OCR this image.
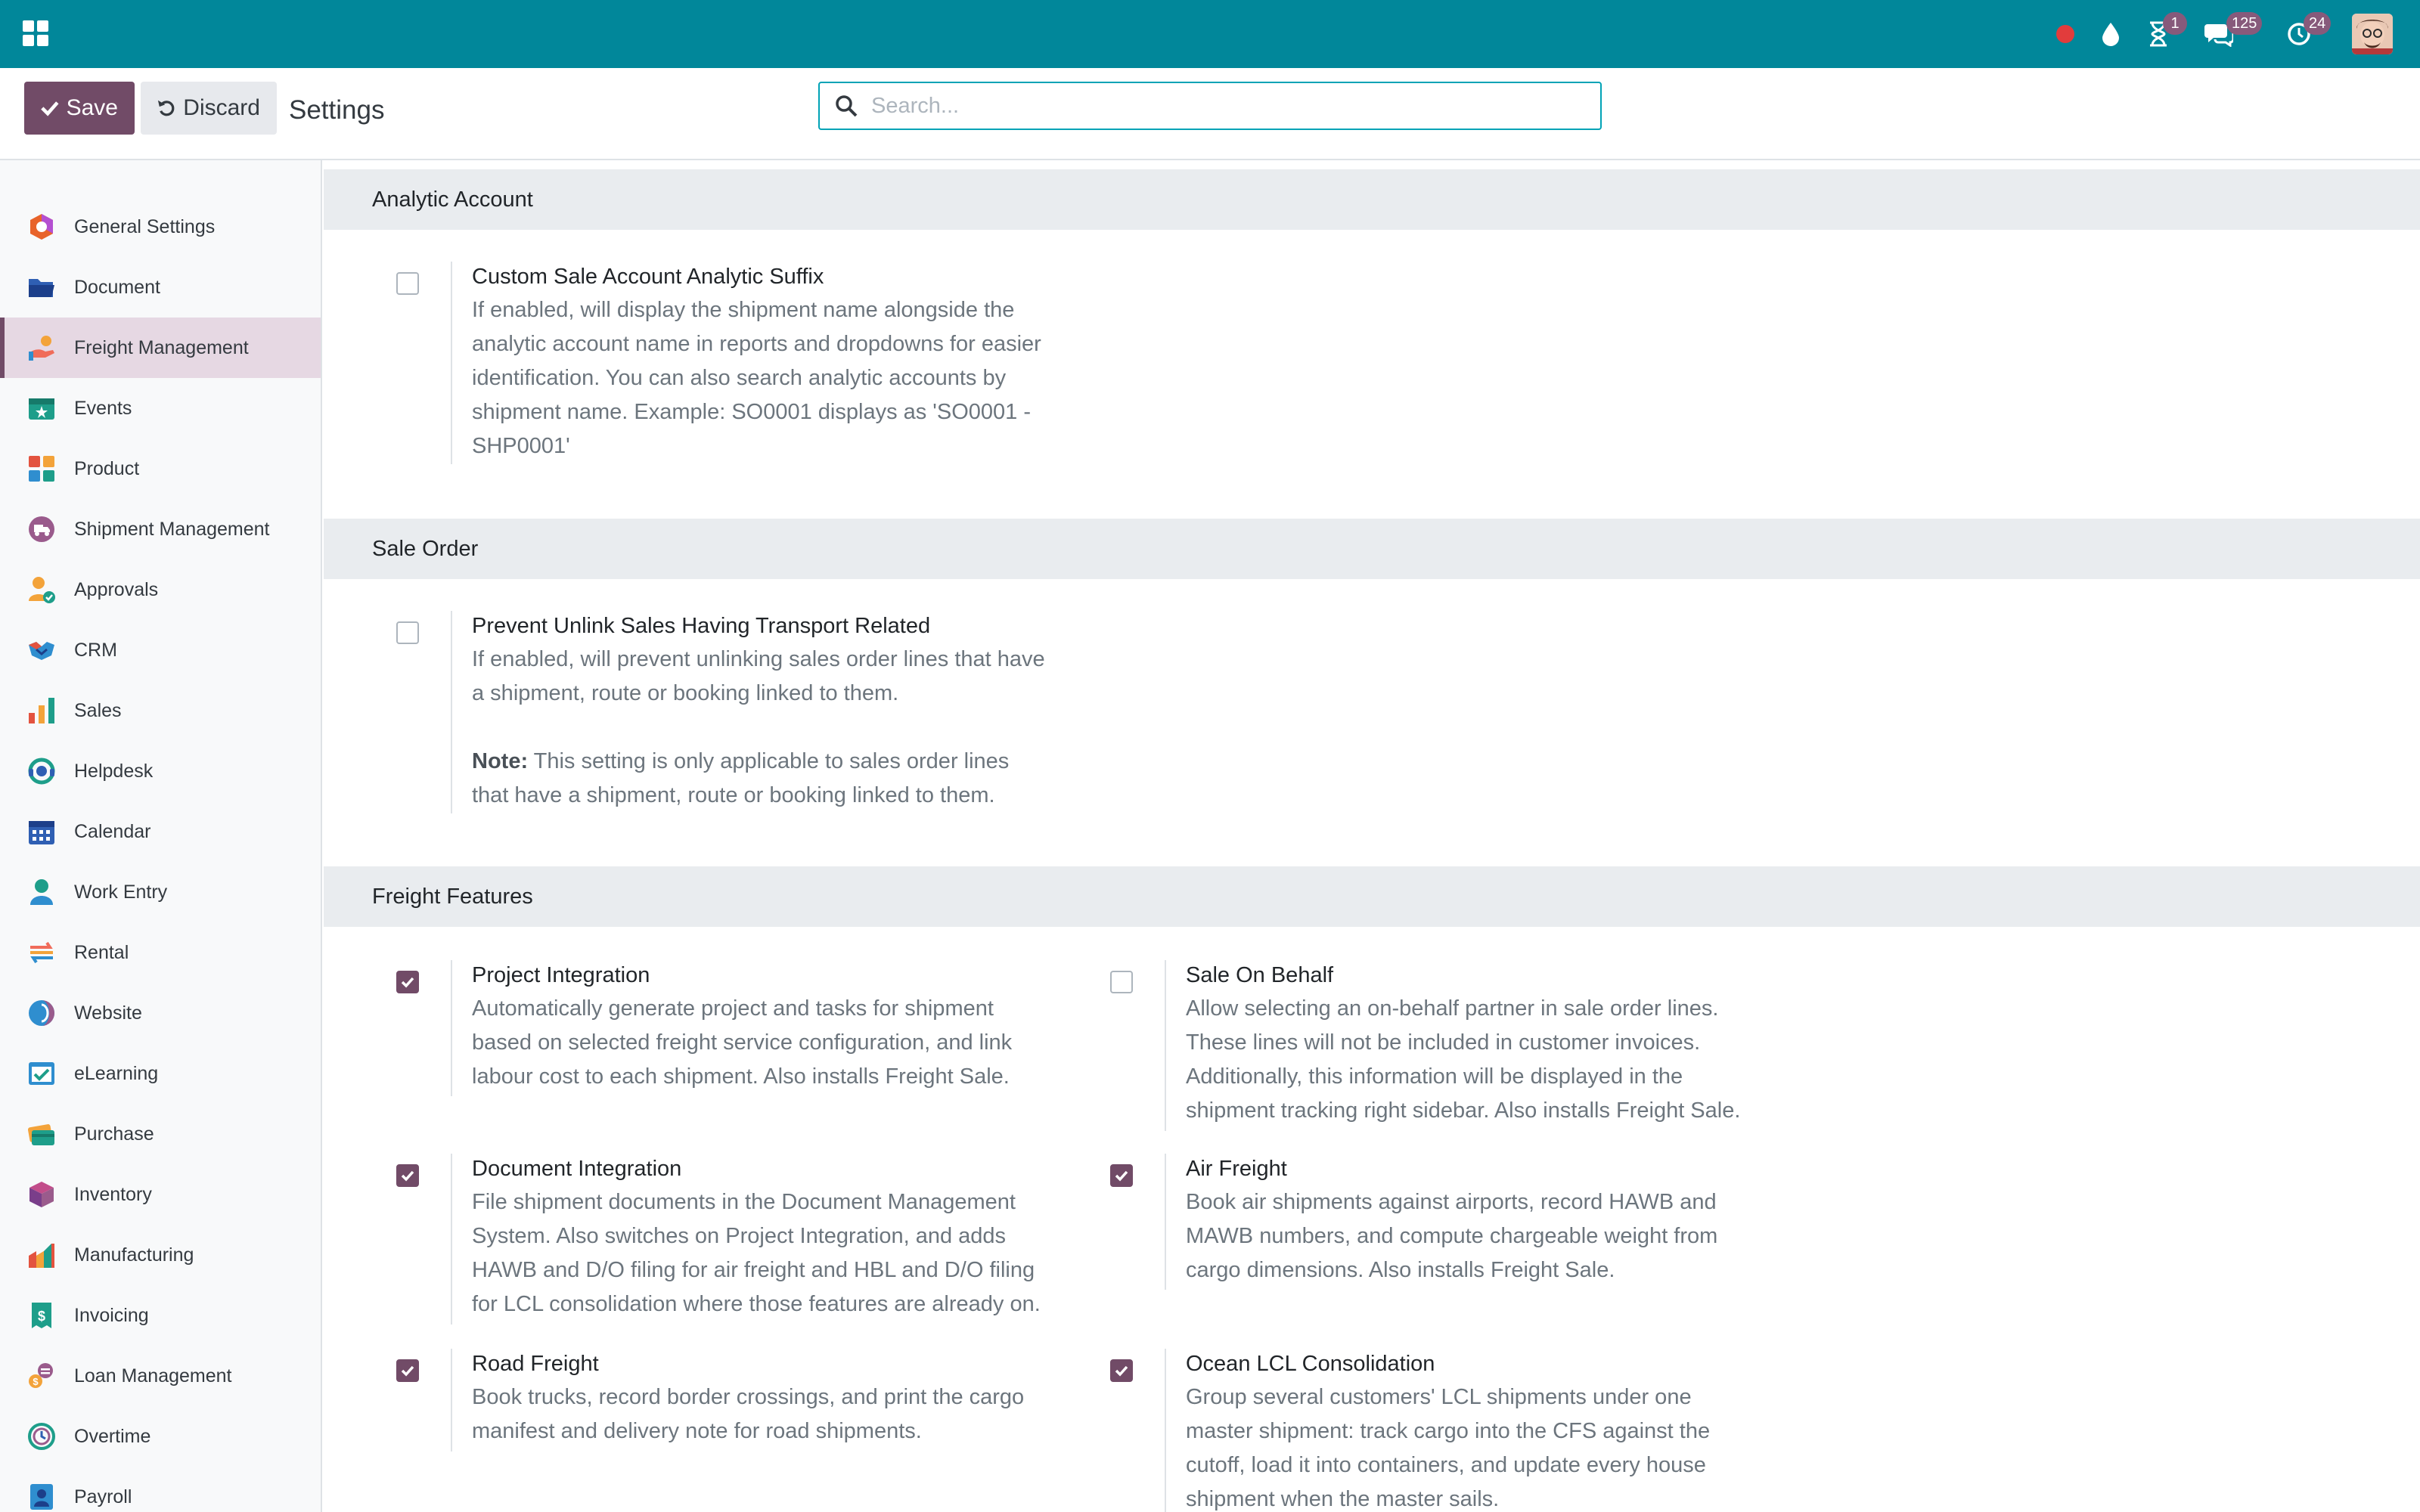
1	125	24
Save	Discard Settings
Search...
General Settings
Document
Freight Management
Events
Product
Shipment Management
Approvals
CRM
Sales
Helpdesk
Calendar
Work Entry
Rental
Website
eLearning
Purchase
Inventory
Manufacturing
$ Invoicing
$ Loan Management
Overtime
Payroll
Analytic Account
Custom Sale Account Analytic Suffix
If enabled, will display the shipment name alongside the
analytic account name in reports and dropdowns for easier
identification. You can also search analytic accounts by
shipment name. Example: SO0001 displays as 'SO0001 -
SHP0001'
Sale Order
Prevent Unlink Sales Having Transport Related
If enabled, will prevent unlinking sales order lines that have
a shipment, route or booking linked to them.
Note: This setting is only applicable to sales order lines
that have a shipment, route or booking linked to them.
Freight Features
Project Integration
Automatically generate project and tasks for shipment
based on selected freight service configuration, and link
labour cost to each shipment. Also installs Freight Sale.
Sale On Behalf
Allow selecting an on-behalf partner in sale order lines.
These lines will not be included in customer invoices.
Additionally, this information will be displayed in the
shipment tracking right sidebar. Also installs Freight Sale.
Document Integration
File shipment documents in the Document Management
System. Also switches on Project Integration, and adds
HAWB and D/O filing for air freight and HBL and D/O filing
for LCL consolidation where those features are already on.
Air Freight
Book air shipments against airports, record HAWB and
MAWB numbers, and compute chargeable weight from
cargo dimensions. Also installs Freight Sale.
Road Freight
Book trucks, record border crossings, and print the cargo
manifest and delivery note for road shipments.
Ocean LCL Consolidation
Group several customers' LCL shipments under one
master shipment: track cargo into the CFS against the
cutoff, load it into containers, and update every house
shipment when the master sails.
